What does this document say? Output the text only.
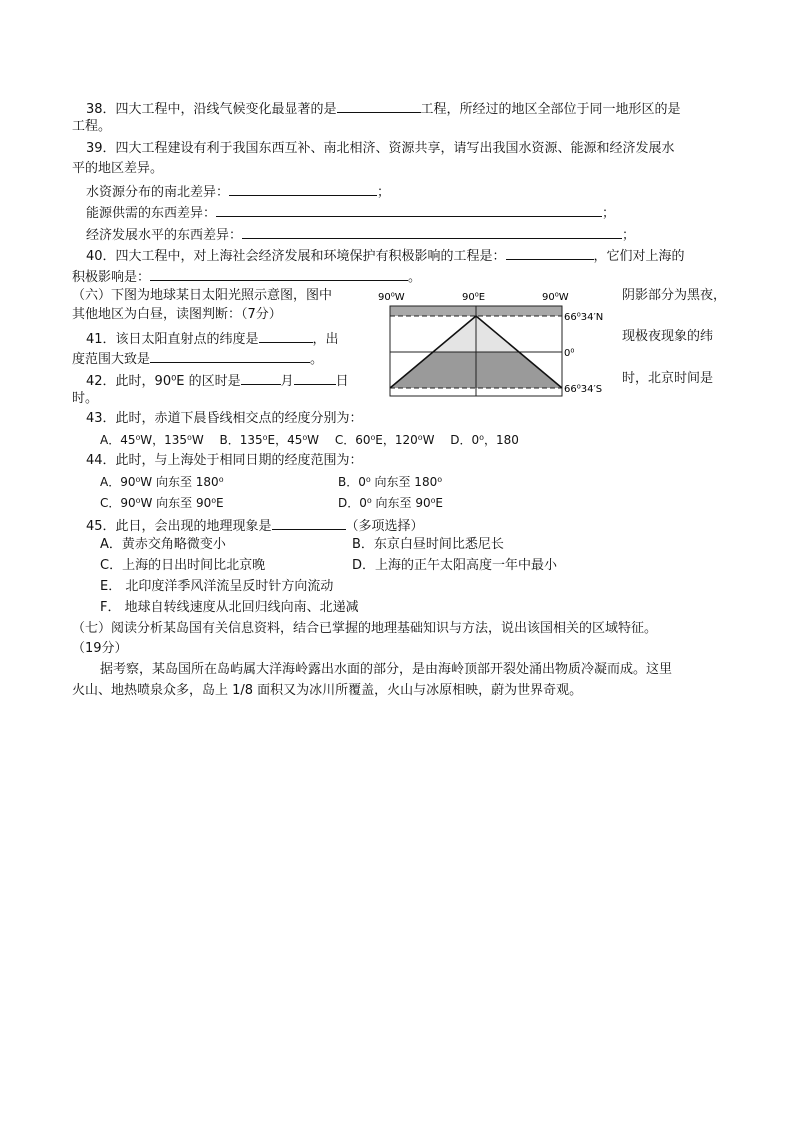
38．四大工程中，沿线气候变化最显著的是	工程，所经过的地区全部位于同一地形区的是
工程。
39．四大工程建设有利于我国东西互补、南北相济、资源共享，请写出我国水资源、能源和经济发展水
平的地区差异。
水资源分布的南北差异：	；
能源供需的东西差异：	；
经济发展水平的东西差异：	；
40．四大工程中，对上海社会经济发展和环境保护有积极影响的工程是：	，它们对上海的
积极影响是：	。
（六）下图为地球某日太阳光照示意图，图中	阴影部分为黑夜，
其他地区为白昼，读图判断：（7分）
41．该日太阳直射点的纬度是	，出	现极夜现象的纬
度范围大致是	。
42．此时，90⁰E 的区时是	月	日	时，北京时间是
时。
90⁰W	90⁰E	90⁰W
66⁰34′N
0⁰
66⁰34′S
43．此时，赤道下晨昏线相交点的经度分别为：
A．45⁰W，135⁰W　 B．135⁰E，45⁰W　 C．60⁰E，120⁰W　 D．0⁰，180
44．此时，与上海处于相同日期的经度范围为：
A．90⁰W 向东至 180⁰	B．0⁰ 向东至 180⁰
C．90⁰W 向东至 90⁰E	D．0⁰ 向东至 90⁰E
45．此日，会出现的地理现象是	（多项选择）
A．黄赤交角略微变小	B．东京白昼时间比悉尼长
C．上海的日出时间比北京晚	D．上海的正午太阳高度一年中最小
E． 北印度洋季风洋流呈反时针方向流动
F． 地球自转线速度从北回归线向南、北递减
（七）阅读分析某岛国有关信息资料，结合已掌握的地理基础知识与方法，说出该国相关的区域特征。
（19分）
据考察，某岛国所在岛屿属大洋海岭露出水面的部分，是由海岭顶部开裂处涌出物质冷凝而成。这里
火山、地热喷泉众多，岛上 1/8 面积又为冰川所覆盖，火山与冰原相映，蔚为世界奇观。
